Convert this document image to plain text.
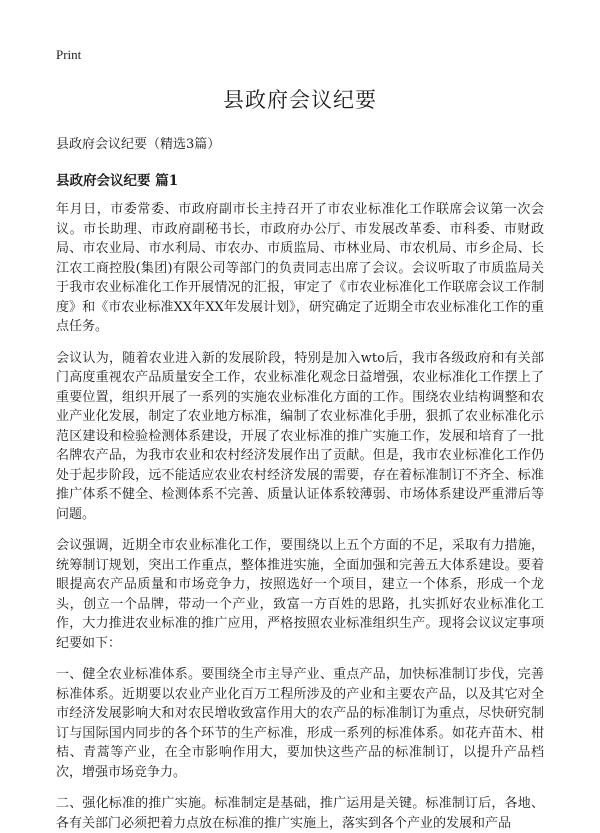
Print
县政府会议纪要
县政府会议纪要（精选3篇）
县政府会议纪要 篇1

年月日，市委常委、市政府副市长主持召开了市农业标准化工作联席会议第一次会议。市长助理、市政府副秘书长，市政府办公厅、市发展改革委、市科委、市财政局、市农业局、市水利局、市农办、市质监局、市林业局、市农机局、市乡企局、长江农工商控股(集团)有限公司等部门的负责同志出席了会议。会议听取了市质监局关于我市农业标准化工作开展情况的汇报，审定了《市农业标准化工作联席会议工作制度》和《市农业标准XX年XX年发展计划》，研究确定了近期全市农业标准化工作的重点任务。

会议认为，随着农业进入新的发展阶段，特别是加入wto后，我市各级政府和有关部门高度重视农产品质量安全工作，农业标准化观念日益增强，农业标准化工作摆上了重要位置，组织开展了一系列的实施农业标准化方面的工作。围绕农业结构调整和农业产业化发展，制定了农业地方标准，编制了农业标准化手册，狠抓了农业标准化示范区建设和检验检测体系建设，开展了农业标准的推广实施工作，发展和培育了一批名牌农产品，为我市农业和农村经济发展作出了贡献。但是，我市农业标准化工作仍处于起步阶段，远不能适应农业农村经济发展的需要，存在着标准制订不齐全、标准推广体系不健全、检测体系不完善、质量认证体系较薄弱、市场体系建设严重滞后等问题。

会议强调，近期全市农业标准化工作，要围绕以上五个方面的不足，采取有力措施，统筹制订规划，突出工作重点，整体推进实施，全面加强和完善五大体系建设。要着眼提高农产品质量和市场竞争力，按照选好一个项目，建立一个体系，形成一个龙头，创立一个品牌，带动一个产业，致富一方百姓的思路，扎实抓好农业标准化工作，大力推进农业标准的推广应用，严格按照农业标准组织生产。现将会议议定事项纪要如下：

一、健全农业标准体系。要围绕全市主导产业、重点产品，加快标准制订步伐，完善标准体系。近期要以农业产业化百万工程所涉及的产业和主要农产品，以及其它对全市经济发展影响大和对农民增收致富作用大的农产品的标准制订为重点，尽快研究制订与国际国内同步的各个环节的生产标准，形成一系列的标准体系。如花卉苗木、柑桔、青蒿等产业，在全市影响作用大，要加快这些产品的标准制订，以提升产品档次，增强市场竞争力。

二、强化标准的推广实施。标准制定是基础，推广运用是关键。标准制订后，各地、各有关部门必须把着力点放在标准的推广实施上，落实到各个产业的发展和产品
